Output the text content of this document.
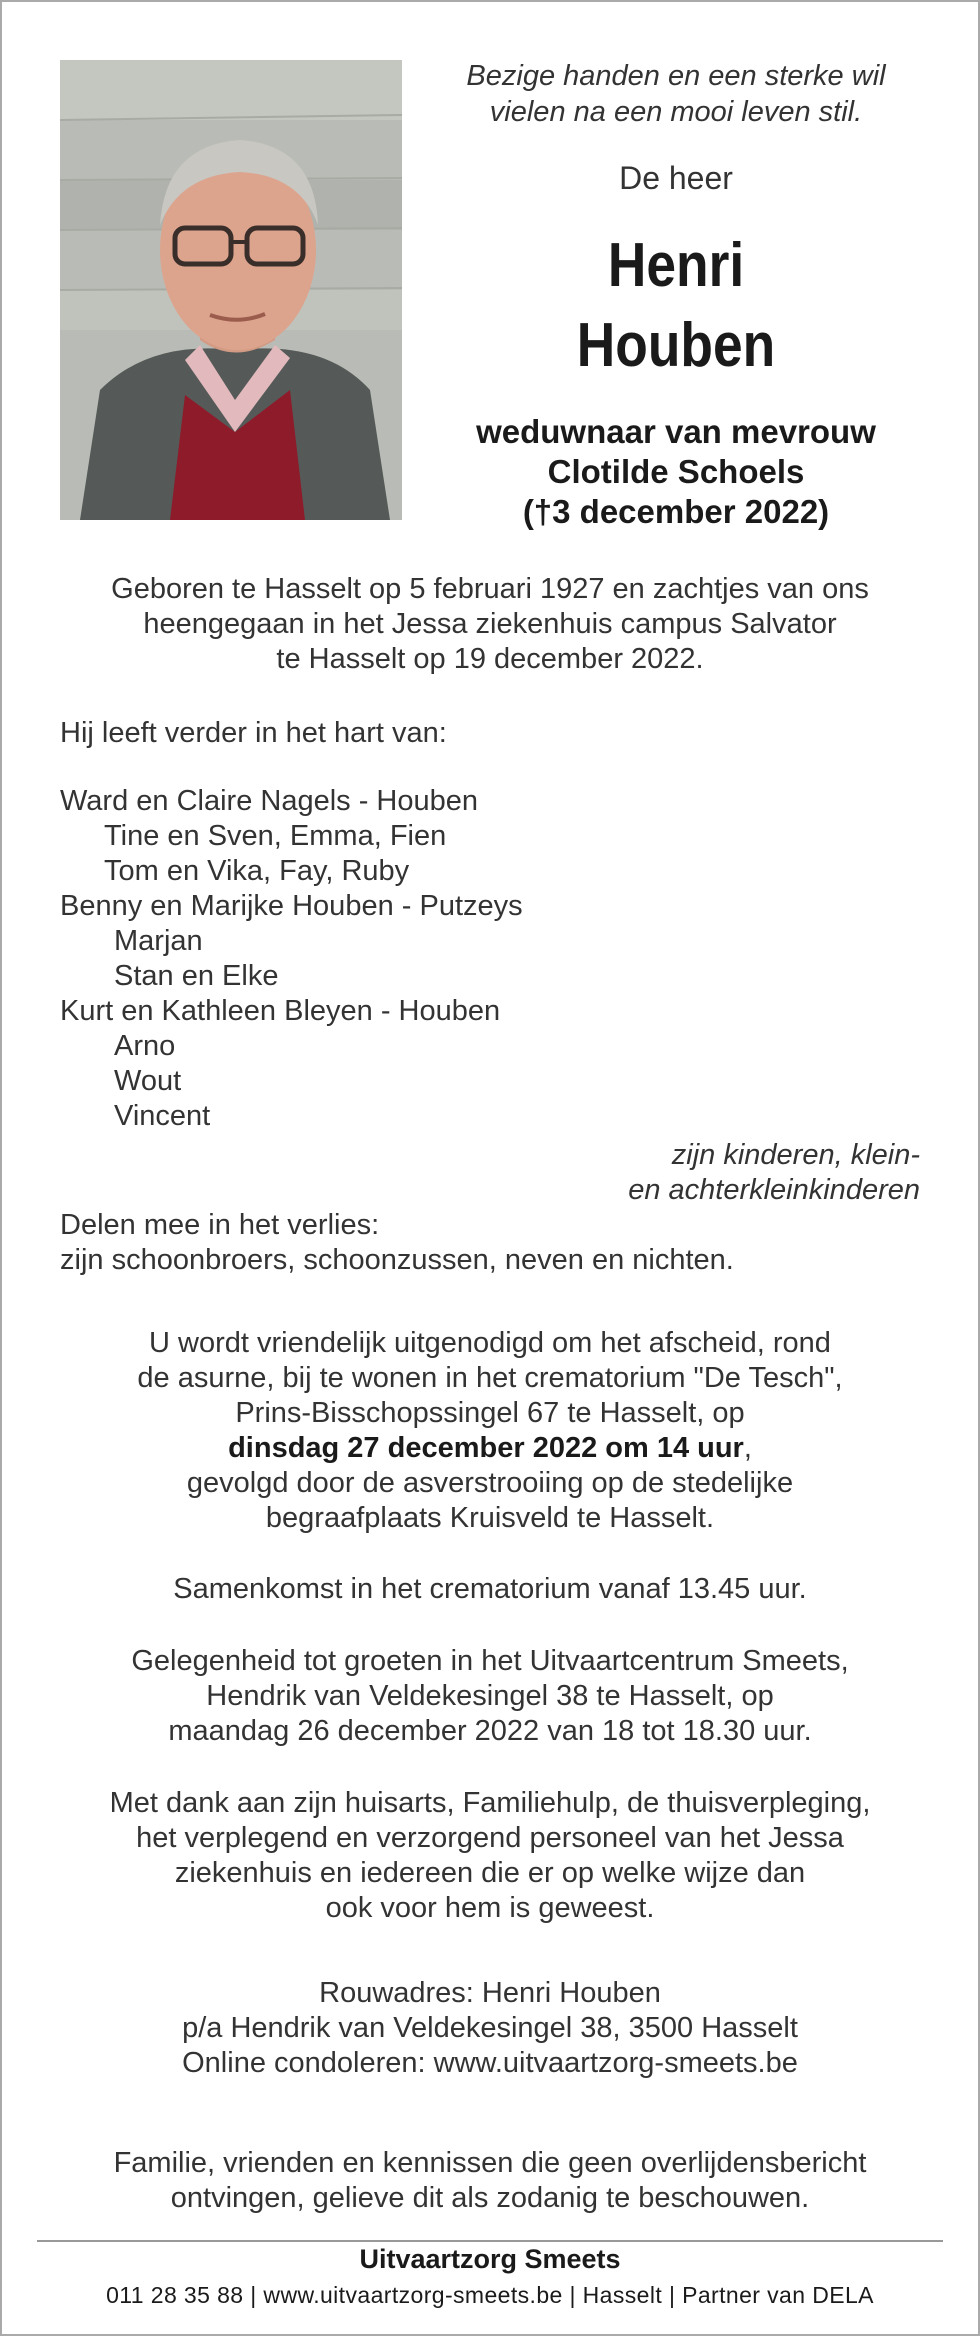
Bezige handen en een sterke wil
vielen na een mooi leven stil.
De heer
Henri
Houben
weduwnaar van mevrouw
Clotilde Schoels
(†3 december 2022)
Geboren te Hasselt op 5 februari 1927 en zachtjes van ons
heengegaan in het Jessa ziekenhuis campus Salvator
te Hasselt op 19 december 2022.
Hij leeft verder in het hart van:
Ward en Claire Nagels - Houben
Tine en Sven, Emma, Fien
Tom en Vika, Fay, Ruby
Benny en Marijke Houben - Putzeys
Marjan
Stan en Elke
Kurt en Kathleen Bleyen - Houben
Arno
Wout
Vincent
zijn kinderen, klein-
en achterkleinkinderen
Delen mee in het verlies:
zijn schoonbroers, schoonzussen, neven en nichten.
U wordt vriendelijk uitgenodigd om het afscheid, rond
de asurne, bij te wonen in het crematorium "De Tesch",
Prins-Bisschopssingel 67 te Hasselt, op
dinsdag 27 december 2022 om 14 uur,
gevolgd door de asverstrooiing op de stedelijke
begraafplaats Kruisveld te Hasselt.
Samenkomst in het crematorium vanaf 13.45 uur.
Gelegenheid tot groeten in het Uitvaartcentrum Smeets,
Hendrik van Veldekesingel 38 te Hasselt, op
maandag 26 december 2022 van 18 tot 18.30 uur.
Met dank aan zijn huisarts, Familiehulp, de thuisverpleging,
het verplegend en verzorgend personeel van het Jessa
ziekenhuis en iedereen die er op welke wijze dan
ook voor hem is geweest.
Rouwadres: Henri Houben
p/a Hendrik van Veldekesingel 38, 3500 Hasselt
Online condoleren: www.uitvaartzorg-smeets.be
Familie, vrienden en kennissen die geen overlijdensbericht
ontvingen, gelieve dit als zodanig te beschouwen.
Uitvaartzorg Smeets
011 28 35 88 | www.uitvaartzorg-smeets.be | Hasselt | Partner van DELA
